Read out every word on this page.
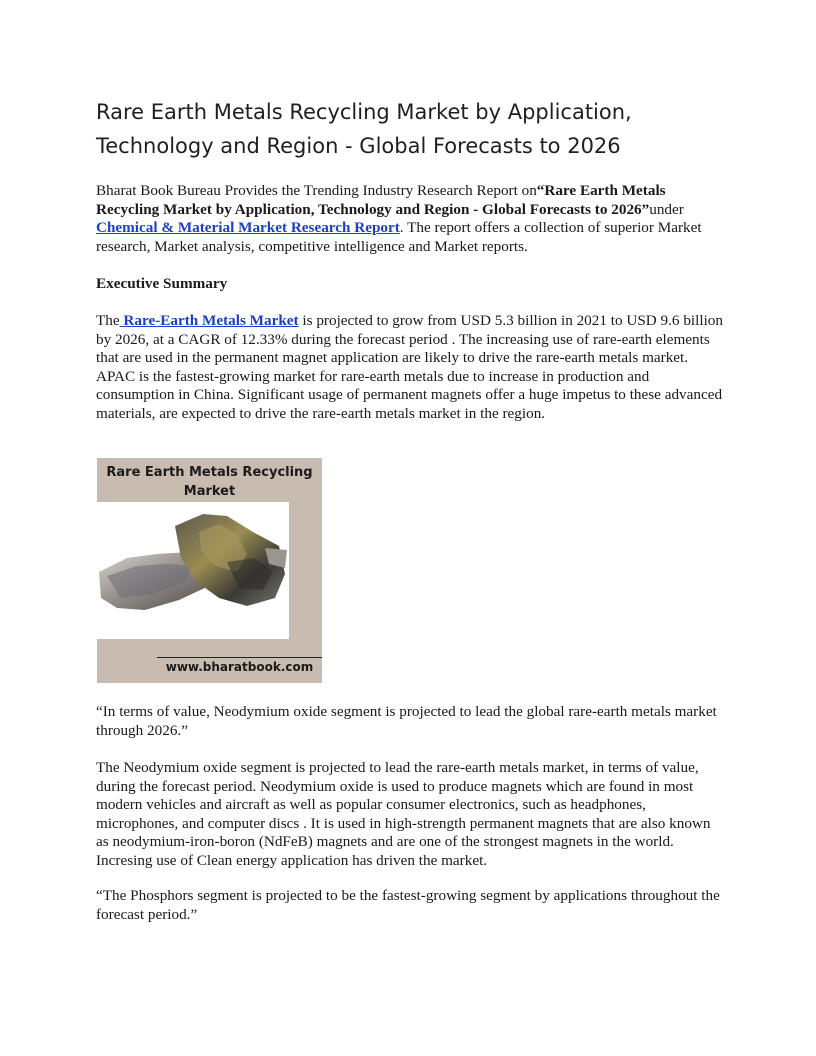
Rare Earth Metals Recycling Market by Application, Technology and Region - Global Forecasts to 2026

Bharat Book Bureau Provides the Trending Industry Research Report on“Rare Earth Metals Recycling Market by Application, Technology and Region - Global Forecasts to 2026”under
Chemical & Material Market Research Report. The report offers a collection of superior Market research, Market analysis, competitive intelligence and Market reports.

Executive Summary

The Rare-Earth Metals Market is projected to grow from USD 5.3 billion in 2021 to USD 9.6 billion by 2026, at a CAGR of 12.33% during the forecast period . The increasing use of rare-earth elements that are used in the permanent magnet application are likely to drive the rare-earth metals market. APAC is the fastest-growing market for rare-earth metals due to increase in production and consumption in China. Significant usage of permanent magnets offer a huge impetus to these advanced materials, are expected to drive the rare-earth metals market in the region.

Rare Earth Metals Recycling Market
www.bharatbook.com

“In terms of value, Neodymium oxide segment is projected to lead the global rare-earth metals market through 2026.”

The Neodymium oxide segment is projected to lead the rare-earth metals market, in terms of value, during the forecast period. Neodymium oxide is used to produce magnets which are found in most modern vehicles and aircraft as well as popular consumer electronics, such as headphones, microphones, and computer discs . It is used in high-strength permanent magnets that are also known as neodymium-iron-boron (NdFeB) magnets and are one of the strongest magnets in the world. Incresing use of Clean energy application has driven the market.

“The Phosphors segment is projected to be the fastest-growing segment by applications throughout the forecast period.”
